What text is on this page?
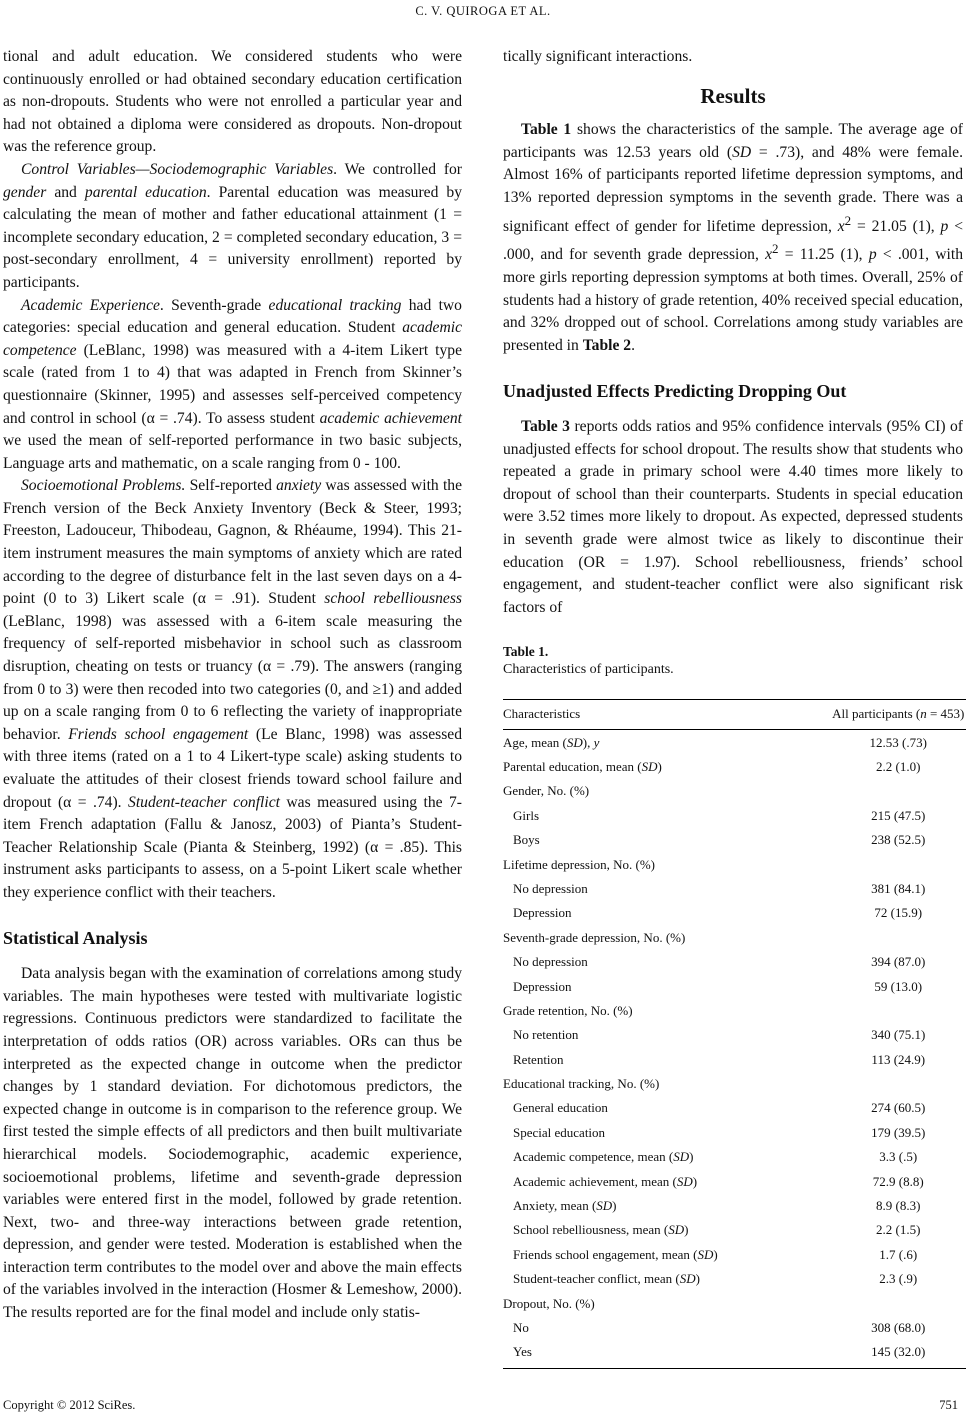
C. V. QUIROGA ET AL.

tional and adult education. We considered students who were continuously enrolled or had obtained secondary education certification as non-dropouts. Students who were not enrolled a particular year and had not obtained a diploma were considered as dropouts. Non-dropout was the reference group.

Control Variables—Sociodemographic Variables. We controlled for gender and parental education. Parental education was measured by calculating the mean of mother and father educational attainment (1 = incomplete secondary education, 2 = completed secondary education, 3 = post-secondary enrollment, 4 = university enrollment) reported by participants.

Academic Experience. Seventh-grade educational tracking had two categories: special education and general education. Student academic competence (LeBlanc, 1998) was measured with a 4-item Likert type scale (rated from 1 to 4) that was adapted in French from Skinner’s questionnaire (Skinner, 1995) and assesses self-perceived competency and control in school (α = .74). To assess student academic achievement we used the mean of self-reported performance in two basic subjects, Language arts and mathematic, on a scale ranging from 0 - 100.

Socioemotional Problems. Self-reported anxiety was assessed with the French version of the Beck Anxiety Inventory (Beck & Steer, 1993; Freeston, Ladouceur, Thibodeau, Gagnon, & Rhéaume, 1994). This 21-item instrument measures the main symptoms of anxiety which are rated according to the degree of disturbance felt in the last seven days on a 4-point (0 to 3) Likert scale (α = .91). Student school rebelliousness (LeBlanc, 1998) was assessed with a 6-item scale measuring the frequency of self-reported misbehavior in school such as classroom disruption, cheating on tests or truancy (α = .79). The answers (ranging from 0 to 3) were then recoded into two categories (0, and ≥1) and added up on a scale ranging from 0 to 6 reflecting the variety of inappropriate behavior. Friends school engagement (Le Blanc, 1998) was assessed with three items (rated on a 1 to 4 Likert-type scale) asking students to evaluate the attitudes of their closest friends toward school failure and dropout (α = .74). Student-teacher conflict was measured using the 7-item French adaptation (Fallu & Janosz, 2003) of Pianta’s Student-Teacher Relationship Scale (Pianta & Steinberg, 1992) (α = .85). This instrument asks participants to assess, on a 5-point Likert scale whether they experience conflict with their teachers.

Statistical Analysis

Data analysis began with the examination of correlations among study variables. The main hypotheses were tested with multivariate logistic regressions. Continuous predictors were standardized to facilitate the interpretation of odds ratios (OR) across variables. ORs can thus be interpreted as the expected change in outcome when the predictor changes by 1 standard deviation. For dichotomous predictors, the expected change in outcome is in comparison to the reference group. We first tested the simple effects of all predictors and then built multivariate hierarchical models. Sociodemographic, academic experience, socioemotional problems, lifetime and seventh-grade depression variables were entered first in the model, followed by grade retention. Next, two- and three-way interactions between grade retention, depression, and gender were tested. Moderation is established when the interaction term contributes to the model over and above the main effects of the variables involved in the interaction (Hosmer & Lemeshow, 2000). The results reported are for the final model and include only statis-

tically significant interactions.

Results

Table 1 shows the characteristics of the sample. The average age of participants was 12.53 years old (SD = .73), and 48% were female. Almost 16% of participants reported lifetime depression symptoms, and 13% reported depression symptoms in the seventh grade. There was a significant effect of gender for lifetime depression, $x^2 = 21.05$ (1), p < .000, and for seventh grade depression, $x^2 = 11.25$ (1), p < .001, with more girls reporting depression symptoms at both times. Overall, 25% of students had a history of grade retention, 40% received special education, and 32% dropped out of school. Correlations among study variables are presented in Table 2.

Unadjusted Effects Predicting Dropping Out

Table 3 reports odds ratios and 95% confidence intervals (95% CI) of unadjusted effects for school dropout. The results show that students who repeated a grade in primary school were 4.40 times more likely to dropout of school than their counterparts. Students in special education were 3.52 times more likely to dropout. As expected, depressed students in seventh grade were almost twice as likely to discontinue their education (OR = 1.97). School rebelliousness, friends’ school engagement, and student-teacher conflict were also significant risk factors of

Table 1.
Characteristics of participants.
Characteristics	All participants (n = 453)
Age, mean (SD), y	12.53 (.73)
Parental education, mean (SD)	2.2 (1.0)
Gender, No. (%)	
Girls	215 (47.5)
Boys	238 (52.5)
Lifetime depression, No. (%)	
No depression	381 (84.1)
Depression	72 (15.9)
Seventh-grade depression, No. (%)	
No depression	394 (87.0)
Depression	59 (13.0)
Grade retention, No. (%)	
No retention	340 (75.1)
Retention	113 (24.9)
Educational tracking, No. (%)	
General education	274 (60.5)
Special education	179 (39.5)
Academic competence, mean (SD)	3.3 (.5)
Academic achievement, mean (SD)	72.9 (8.8)
Anxiety, mean (SD)	8.9 (8.3)
School rebelliousness, mean (SD)	2.2 (1.5)
Friends school engagement, mean (SD)	1.7 (.6)
Student-teacher conflict, mean (SD)	2.3 (.9)
Dropout, No. (%)	
No	308 (68.0)
Yes	145 (32.0)
Copyright © 2012 SciRes.	751
